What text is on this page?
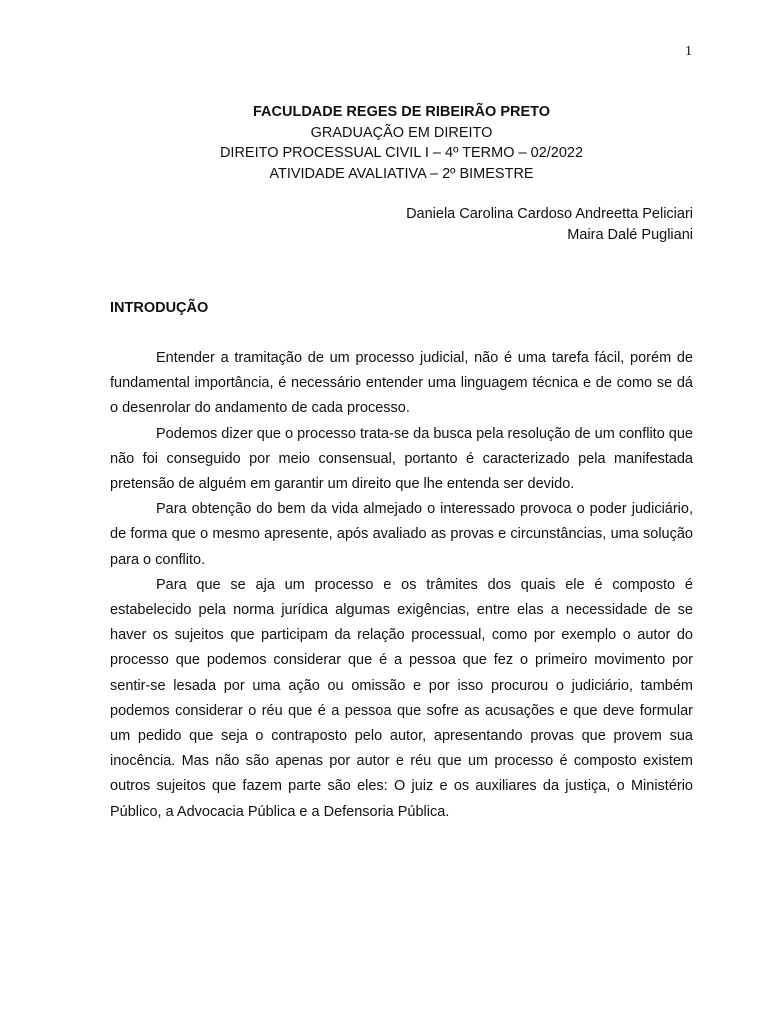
1
FACULDADE REGES DE RIBEIRÃO PRETO
GRADUAÇÃO EM DIREITO
DIREITO PROCESSUAL CIVIL I – 4º TERMO – 02/2022
ATIVIDADE AVALIATIVA – 2º BIMESTRE
Daniela Carolina Cardoso Andreetta Peliciari
Maira Dalé Pugliani
INTRODUÇÃO

Entender a tramitação de um processo judicial, não é uma tarefa fácil, porém de fundamental importância, é necessário entender uma linguagem técnica e de como se dá o desenrolar do andamento de cada processo.

Podemos dizer que o processo trata-se da busca pela resolução de um conflito que não foi conseguido por meio consensual, portanto é caracterizado pela manifestada pretensão de alguém em garantir um direito que lhe entenda ser devido.

Para obtenção do bem da vida almejado o interessado provoca o poder judiciário, de forma que o mesmo apresente, após avaliado as provas e circunstâncias, uma solução para o conflito.

Para que se aja um processo e os trâmites dos quais ele é composto é estabelecido pela norma jurídica algumas exigências, entre elas a necessidade de se haver os sujeitos que participam da relação processual, como por exemplo o autor do processo que podemos considerar que é a pessoa que fez o primeiro movimento por sentir-se lesada por uma ação ou omissão e por isso procurou o judiciário, também podemos considerar o réu que é a pessoa que sofre as acusações e que deve formular um pedido que seja o contraposto pelo autor, apresentando provas que provem sua inocência. Mas não são apenas por autor e réu que um processo é composto existem outros sujeitos que fazem parte são eles: O juiz e os auxiliares da justiça, o Ministério Público, a Advocacia Pública e a Defensoria Pública.
